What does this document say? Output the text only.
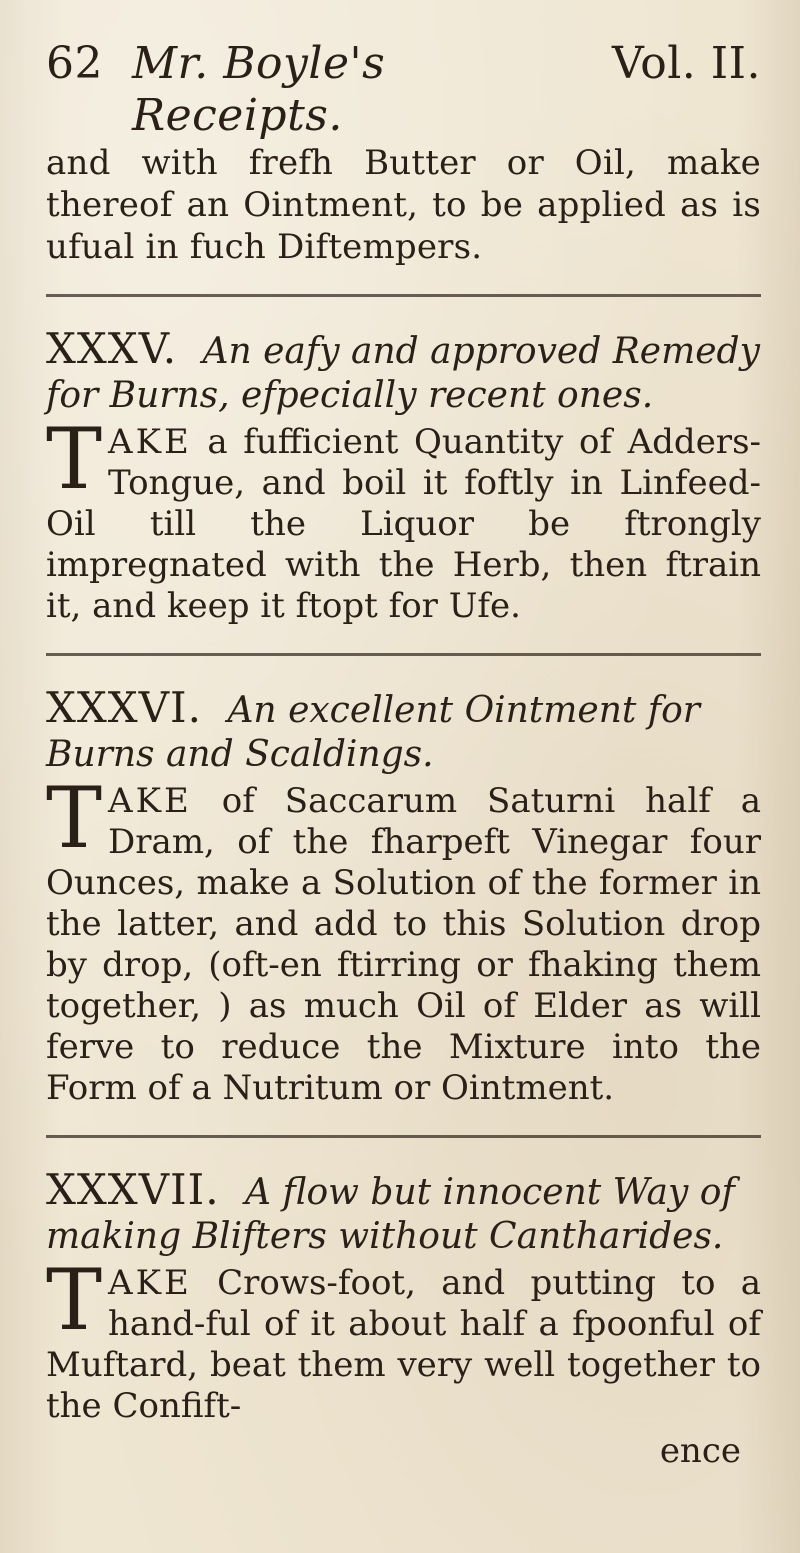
62 Mr. Boyle's Receipts.
Vol. II.
and with frefh Butter or Oil, make thereof an Ointment, to be applied as is ufual in fuch Diftempers.
XXXV. An eafy and approved Remedy for Burns, efpecially recent ones.
T AKE a fufficient Quantity of Adders-Tongue, and boil it foftly in Linfeed-Oil till the Liquor be ftrongly impregnated with the Herb, then ftrain it, and keep it ftopt for Ufe.
XXXVI. An excellent Ointment for Burns and Scaldings.
T AKE of Saccarum Saturni half a Dram, of the fharpeft Vinegar four Ounces, make a Solution of the former in the latter, and add to this Solution drop by drop, (oft-en ftirring or fhaking them together, ) as much Oil of Elder as will ferve to reduce the Mixture into the Form of a Nutritum or Ointment.
XXXVII. A flow but innocent Way of making Blifters without Cantharides.
T AKE Crows-foot, and putting to a hand-ful of it about half a fpoonful of Muftard, beat them very well together to the Confift-
ence
